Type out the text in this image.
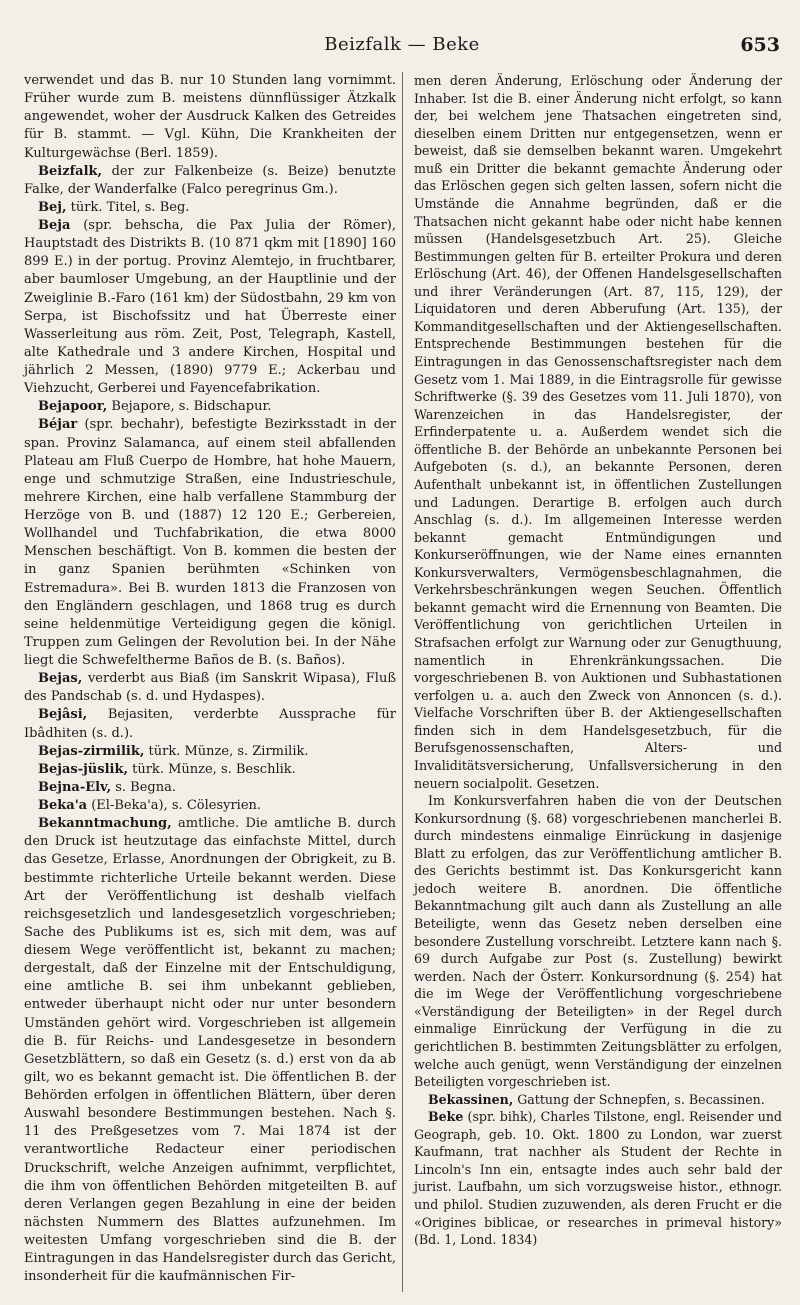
Beizfalk — Beke	653

verwendet und das B. nur 10 Stunden lang vornimmt. Früher wurde zum B. meistens dünnflüssiger Ätzkalk angewendet, woher der Ausdruck Kalken des Getreides für B. stammt. — Vgl. Kühn, Die Krankheiten der Kulturgewächse (Berl. 1859).

Beizfalk, der zur Falkenbeize (s. Beize) benutzte Falke, der Wanderfalke (Falco peregrinus Gm.).

Bej, türk. Titel, s. Beg.

Beja (spr. behscha, die Pax Julia der Römer), Hauptstadt des Distrikts B. (10 871 qkm mit [1890] 160 899 E.) in der portug. Provinz Alemtejo, in fruchtbarer, aber baumloser Umgebung, an der Hauptlinie und der Zweiglinie B.-Faro (161 km) der Südostbahn, 29 km von Serpa, ist Bischofssitz und hat Überreste einer Wasserleitung aus röm. Zeit, Post, Telegraph, Kastell, alte Kathedrale und 3 andere Kirchen, Hospital und jährlich 2 Messen, (1890) 9779 E.; Ackerbau und Viehzucht, Gerberei und Fayencefabrikation.

Bejapoor, Bejapore, s. Bidschapur.

Béjar (spr. bechahr), befestigte Bezirksstadt in der span. Provinz Salamanca, auf einem steil abfallenden Plateau am Fluß Cuerpo de Hombre, hat hohe Mauern, enge und schmutzige Straßen, eine Industrieschule, mehrere Kirchen, eine halb verfallene Stammburg der Herzöge von B. und (1887) 12 120 E.; Gerbereien, Wollhandel und Tuchfabrikation, die etwa 8000 Menschen beschäftigt. Von B. kommen die besten der in ganz Spanien berühmten «Schinken von Estremadura». Bei B. wurden 1813 die Franzosen von den Engländern geschlagen, und 1868 trug es durch seine heldenmütige Verteidigung gegen die königl. Truppen zum Gelingen der Revolution bei. In der Nähe liegt die Schwefeltherme Baños de B. (s. Baños).

Bejas, verderbt aus Biaß (im Sanskrit Wipasa), Fluß des Pandschab (s. d. und Hydaspes).

Bejâsi, Bejasiten, verderbte Aussprache für Ibâdhiten (s. d.).

Bejas-zirmilik, türk. Münze, s. Zirmilik.

Bejas-jüslik, türk. Münze, s. Beschlik.

Bejna-Elv, s. Begna.

Beka'a (El-Beka'a), s. Cölesyrien.

Bekanntmachung, amtliche. Die amtliche B. durch den Druck ist heutzutage das einfachste Mittel, durch das Gesetze, Erlasse, Anordnungen der Obrigkeit, zu B. bestimmte richterliche Urteile bekannt werden. Diese Art der Veröffentlichung ist deshalb vielfach reichsgesetzlich und landesgesetzlich vorgeschrieben; Sache des Publikums ist es, sich mit dem, was auf diesem Wege veröffentlicht ist, bekannt zu machen; dergestalt, daß der Einzelne mit der Entschuldigung, eine amtliche B. sei ihm unbekannt geblieben, entweder überhaupt nicht oder nur unter besondern Umständen gehört wird. Vorgeschrieben ist allgemein die B. für Reichs- und Landesgesetze in besondern Gesetzblättern, so daß ein Gesetz (s. d.) erst von da ab gilt, wo es bekannt gemacht ist. Die öffentlichen B. der Behörden erfolgen in öffentlichen Blättern, über deren Auswahl besondere Bestimmungen bestehen. Nach §. 11 des Preßgesetzes vom 7. Mai 1874 ist der verantwortliche Redacteur einer periodischen Druckschrift, welche Anzeigen aufnimmt, verpflichtet, die ihm von öffentlichen Behörden mitgeteilten B. auf deren Verlangen gegen Bezahlung in eine der beiden nächsten Nummern des Blattes aufzunehmen. Im weitesten Umfang vorgeschrieben sind die B. der Eintragungen in das Handelsregister durch das Gericht, insonderheit für die kaufmännischen Fir-

men deren Änderung, Erlöschung oder Änderung der Inhaber. Ist die B. einer Änderung nicht erfolgt, so kann der, bei welchem jene Thatsachen eingetreten sind, dieselben einem Dritten nur entgegensetzen, wenn er beweist, daß sie demselben bekannt waren. Umgekehrt muß ein Dritter die bekannt gemachte Änderung oder das Erlöschen gegen sich gelten lassen, sofern nicht die Umstände die Annahme begründen, daß er die Thatsachen nicht gekannt habe oder nicht habe kennen müssen (Handelsgesetzbuch Art. 25). Gleiche Bestimmungen gelten für B. erteilter Prokura und deren Erlöschung (Art. 46), der Offenen Handelsgesellschaften und ihrer Veränderungen (Art. 87, 115, 129), der Liquidatoren und deren Abberufung (Art. 135), der Kommanditgesellschaften und der Aktiengesellschaften. Entsprechende Bestimmungen bestehen für die Eintragungen in das Genossenschaftsregister nach dem Gesetz vom 1. Mai 1889, in die Eintragsrolle für gewisse Schriftwerke (§. 39 des Gesetzes vom 11. Juli 1870), von Warenzeichen in das Handelsregister, der Erfinderpatente u. a. Außerdem wendet sich die öffentliche B. der Behörde an unbekannte Personen bei Aufgeboten (s. d.), an bekannte Personen, deren Aufenthalt unbekannt ist, in öffentlichen Zustellungen und Ladungen. Derartige B. erfolgen auch durch Anschlag (s. d.). Im allgemeinen Interesse werden bekannt gemacht Entmündigungen und Konkurseröffnungen, wie der Name eines ernannten Konkursverwalters, Vermögensbeschlagnahmen, die Verkehrsbeschränkungen wegen Seuchen. Öffentlich bekannt gemacht wird die Ernennung von Beamten. Die Veröffentlichung von gerichtlichen Urteilen in Strafsachen erfolgt zur Warnung oder zur Genugthuung, namentlich in Ehrenkränkungssachen. Die vorgeschriebenen B. von Auktionen und Subhastationen verfolgen u. a. auch den Zweck von Annoncen (s. d.). Vielfache Vorschriften über B. der Aktiengesellschaften finden sich in dem Handelsgesetzbuch, für die Berufsgenossenschaften, Alters- und Invaliditätsversicherung, Unfallsversicherung in den neuern socialpolit. Gesetzen.

Im Konkursverfahren haben die von der Deutschen Konkursordnung (§. 68) vorgeschriebenen mancherlei B. durch mindestens einmalige Einrückung in dasjenige Blatt zu erfolgen, das zur Veröffentlichung amtlicher B. des Gerichts bestimmt ist. Das Konkursgericht kann jedoch weitere B. anordnen. Die öffentliche Bekanntmachung gilt auch dann als Zustellung an alle Beteiligte, wenn das Gesetz neben derselben eine besondere Zustellung vorschreibt. Letztere kann nach §. 69 durch Aufgabe zur Post (s. Zustellung) bewirkt werden. Nach der Österr. Konkursordnung (§. 254) hat die im Wege der Veröffentlichung vorgeschriebene «Verständigung der Beteiligten» in der Regel durch einmalige Einrückung der Verfügung in die zu gerichtlichen B. bestimmten Zeitungsblätter zu erfolgen, welche auch genügt, wenn Verständigung der einzelnen Beteiligten vorgeschrieben ist.

Bekassinen, Gattung der Schnepfen, s. Becassinen.

Beke (spr. bihk), Charles Tilstone, engl. Reisender und Geograph, geb. 10. Okt. 1800 zu London, war zuerst Kaufmann, trat nachher als Student der Rechte in Lincoln's Inn ein, entsagte indes auch sehr bald der jurist. Laufbahn, um sich vorzugsweise histor., ethnogr. und philol. Studien zuzuwenden, als deren Frucht er die «Origines biblicae, or researches in primeval history» (Bd. 1, Lond. 1834)
